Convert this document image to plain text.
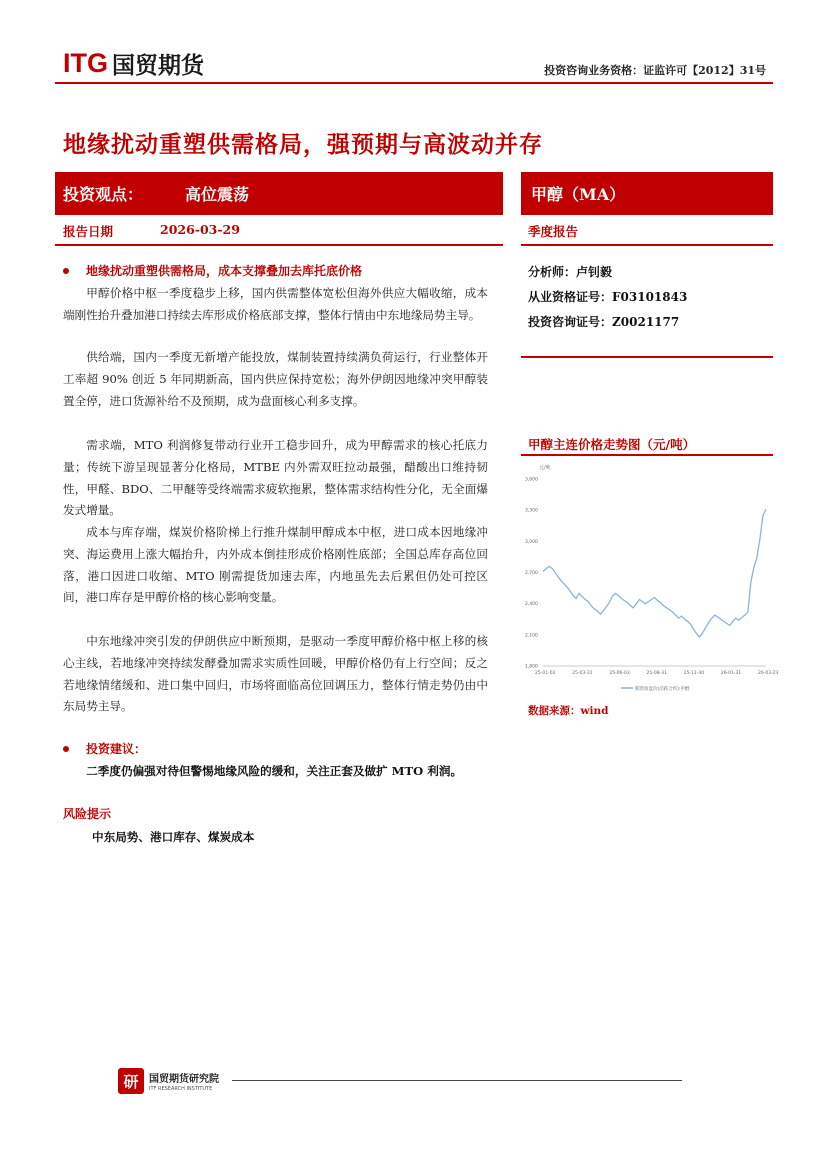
ITG 国贸期货	投资咨询业务资格：证监许可【2012】31号
地缘扰动重塑供需格局，强预期与高波动并存
投资观点：	高位震荡	甲醇（MA）
报告日期	2026-03-29	季度报告
地缘扰动重塑供需格局，成本支撑叠加去库托底价格
甲醇价格中枢一季度稳步上移，国内供需整体宽松但海外供应大幅收缩，成本端刚性抬升叠加港口持续去库形成价格底部支撑，整体行情由中东地缘局势主导。
供给端，国内一季度无新增产能投放，煤制装置持续满负荷运行，行业整体开工率超 90% 创近 5 年同期新高，国内供应保持宽松；海外伊朗因地缘冲突甲醇装置全停，进口货源补给不及预期，成为盘面核心利多支撑。
需求端，MTO 利润修复带动行业开工稳步回升，成为甲醇需求的核心托底力量；传统下游呈现显著分化格局，MTBE 内外需双旺拉动最强，醋酸出口维持韧性，甲醛、BDO、二甲醚等受终端需求疲软拖累，整体需求结构性分化，无全面爆发式增量。
成本与库存端，煤炭价格阶梯上行推升煤制甲醇成本中枢，进口成本因地缘冲突、海运费用上涨大幅抬升，内外成本倒挂形成价格刚性底部；全国总库存高位回落，港口因进口收缩、MTO 刚需提货加速去库，内地虽先去后累但仍处可控区间，港口库存是甲醇价格的核心影响变量。
中东地缘冲突引发的伊朗供应中断预期，是驱动一季度甲醇价格中枢上移的核心主线，若地缘冲突持续发酵叠加需求实质性回暖，甲醇价格仍有上行空间；反之若地缘情绪缓和、进口集中回归，市场将面临高位回调压力，整体行情走势仍由中东局势主导。
投资建议：
二季度仍偏强对待但警惕地缘风险的缓和，关注正套及做扩 MTO 利润。
风险提示
中东局势、港口库存、煤炭成本
分析师：卢钊毅
从业资格证号：F03101843
投资咨询证号：Z0021177
甲醇主连价格走势图（元/吨）
元/吨
3,600
3,300
3,000
2,700
2,400
2,100
1,800
25-01-02	25-03-31	25-06-03	25-08-31	25-11-30	26-01-31	26-03-23
期货收盘价(活跃合约):甲醇
数据来源：wind
研	国贸期货研究院
ITF RESEARCH INSTITUTE
